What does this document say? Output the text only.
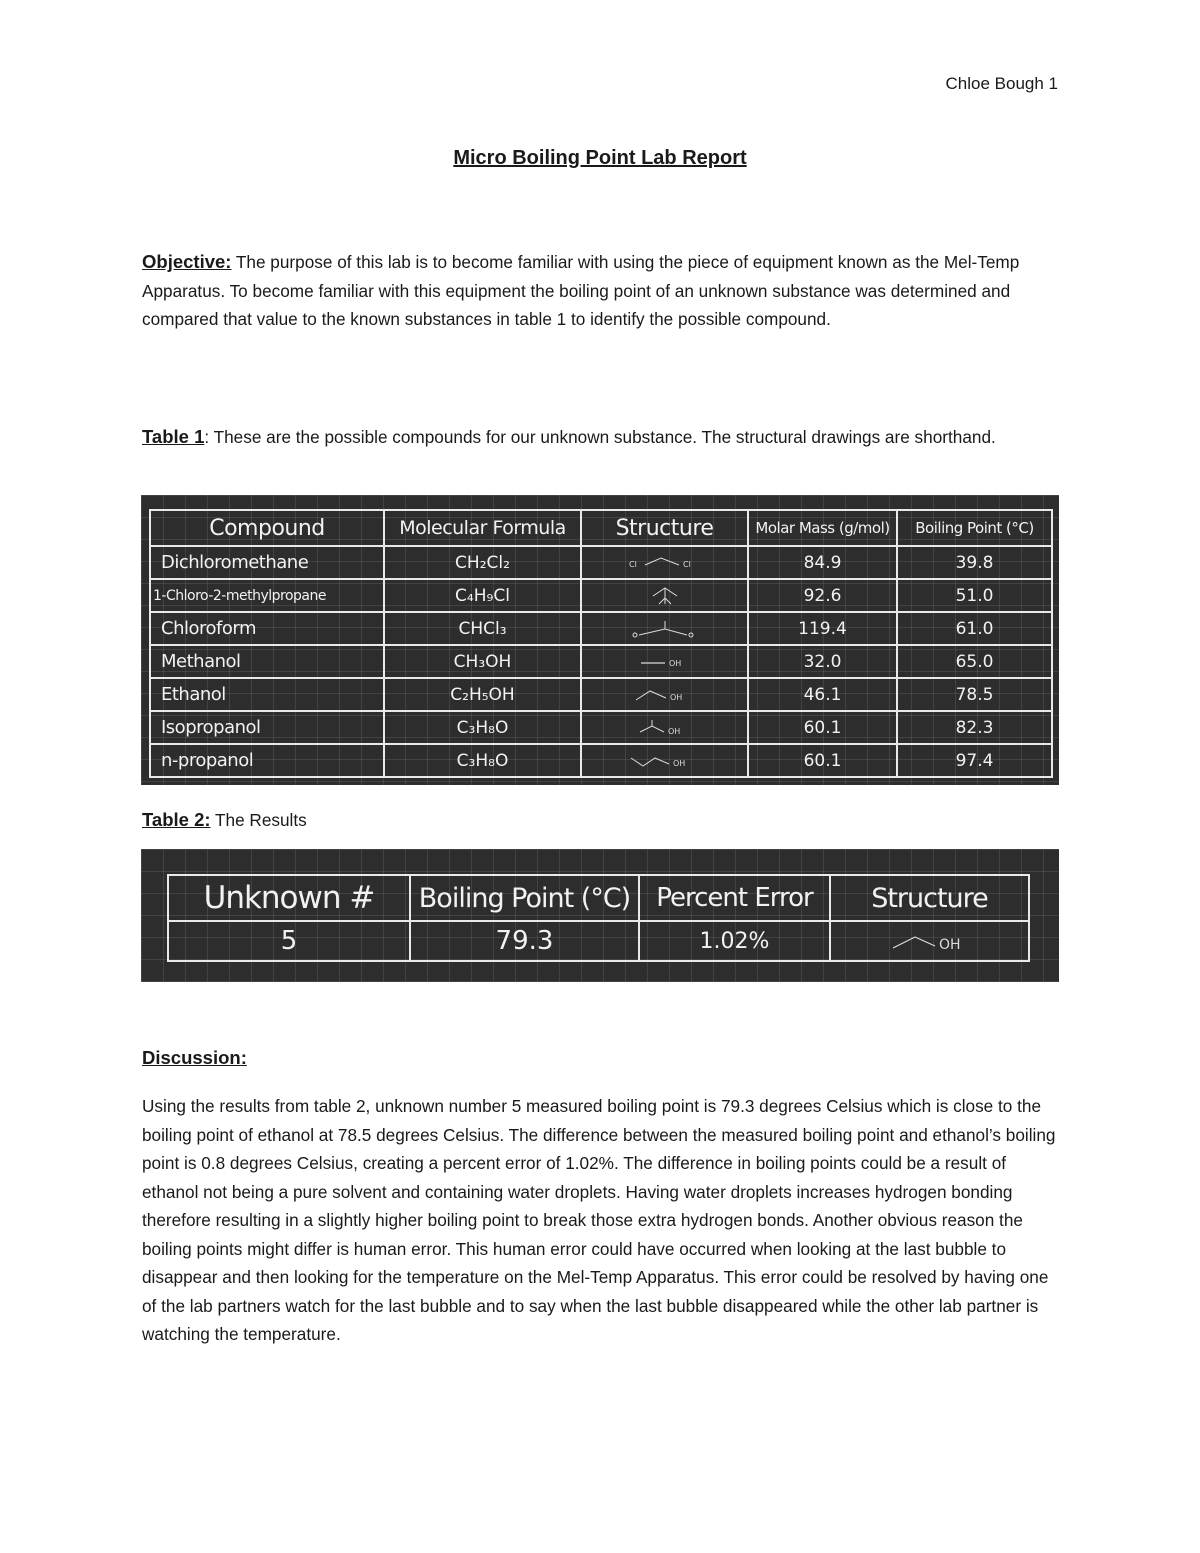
Chloe Bough 1
Micro Boiling Point Lab Report
Objective: The purpose of this lab is to become familiar with using the piece of equipment known as the Mel-Temp Apparatus. To become familiar with this equipment the boiling point of an unknown substance was determined and compared that value to the known substances in table 1 to identify the possible compound.
Table 1: These are the possible compounds for our unknown substance. The structural drawings are shorthand.
Compound	Molecular Formula	Structure	Molar Mass (g/mol)	Boiling Point (°C)
Dichloromethane	CH₂Cl₂	Cl Cl	84.9	39.8
1-Chloro-2-methylpropane	C₄H₉Cl		92.6	51.0
Chloroform	CHCl₃		119.4	61.0
Methanol	CH₃OH	OH	32.0	65.0
Ethanol	C₂H₅OH	OH	46.1	78.5
Isopropanol	C₃H₈O	OH	60.1	82.3
n-propanol	C₃H₈O	OH	60.1	97.4
Table 2: The Results
Unknown #	Boiling Point (°C)	Percent Error	Structure
5	79.3	1.02%	OH
Discussion:
Using the results from table 2, unknown number 5 measured boiling point is 79.3 degrees Celsius which is close to the boiling point of ethanol at 78.5 degrees Celsius. The difference between the measured boiling point and ethanol’s boiling point is 0.8 degrees Celsius, creating a percent error of 1.02%. The difference in boiling points could be a result of ethanol not being a pure solvent and containing water droplets. Having water droplets increases hydrogen bonding therefore resulting in a slightly higher boiling point to break those extra hydrogen bonds. Another obvious reason the boiling points might differ is human error. This human error could have occurred when looking at the last bubble to disappear and then looking for the temperature on the Mel-Temp Apparatus. This error could be resolved by having one of the lab partners watch for the last bubble and to say when the last bubble disappeared while the other lab partner is watching the temperature.
